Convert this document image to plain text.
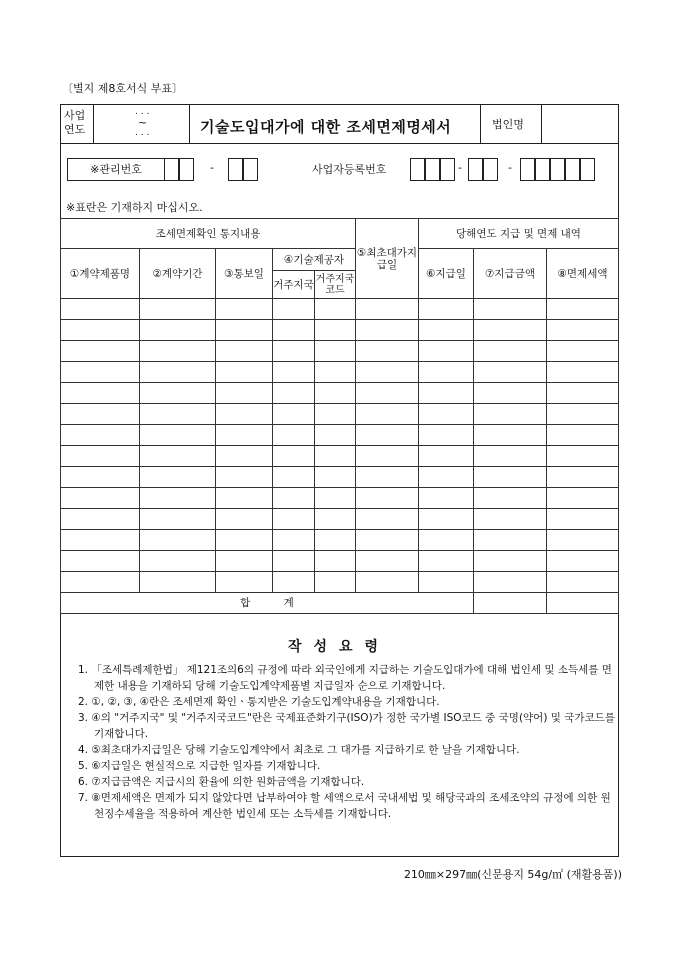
〔별지 제8호서식 부표〕
사업연도
. . .
~
. . .
법인명
기술도입대가에 대한 조세면제명세서
※관리번호	-	사업자등록번호	-	-
※표란은 기재하지 마십시오.
조세면제확인 통지내용					⑤최초대가지급일	당해연도 지급 및 면제 내역		
①계약제품명	②계약기간	③통보일	④기술제공자			⑥지급일	⑦지급금액	⑧면제세액
			거주지국	거주지국코드				

합          계								
작성요령
1. 「조세특례제한법」 제121조의6의 규정에 따라 외국인에게 지급하는 기술도입대가에 대해 법인세 및 소득세를 면제한 내용을 기재하되 당해 기술도입계약제품별 지급일자 순으로 기재합니다.
2. ①, ②, ③, ④란은 조세면제 확인ㆍ통지받은 기술도입계약내용을 기재합니다.
3. ④의 "거주지국" 및 "거주지국코드"란은 국제표준화기구(ISO)가 정한 국가별 ISO코드 중 국명(약어) 및 국가코드를 기재합니다.
4. ⑤최초대가지급일은 당해 기술도입계약에서 최초로 그 대가를 지급하기로 한 날을 기재합니다.
5. ⑥지급일은 현실적으로 지급한 일자를 기재합니다.
6. ⑦지급금액은 지급시의 환율에 의한 원화금액을 기재합니다.
7. ⑧면제세액은 면제가 되지 않았다면 납부하여야 할 세액으로서 국내세법 및 해당국과의 조세조약의 규정에 의한 원천징수세율을 적용하여 계산한 법인세 또는 소득세를 기재합니다.
210㎜×297㎜(신문용지 54g/㎡ (재활용품))
